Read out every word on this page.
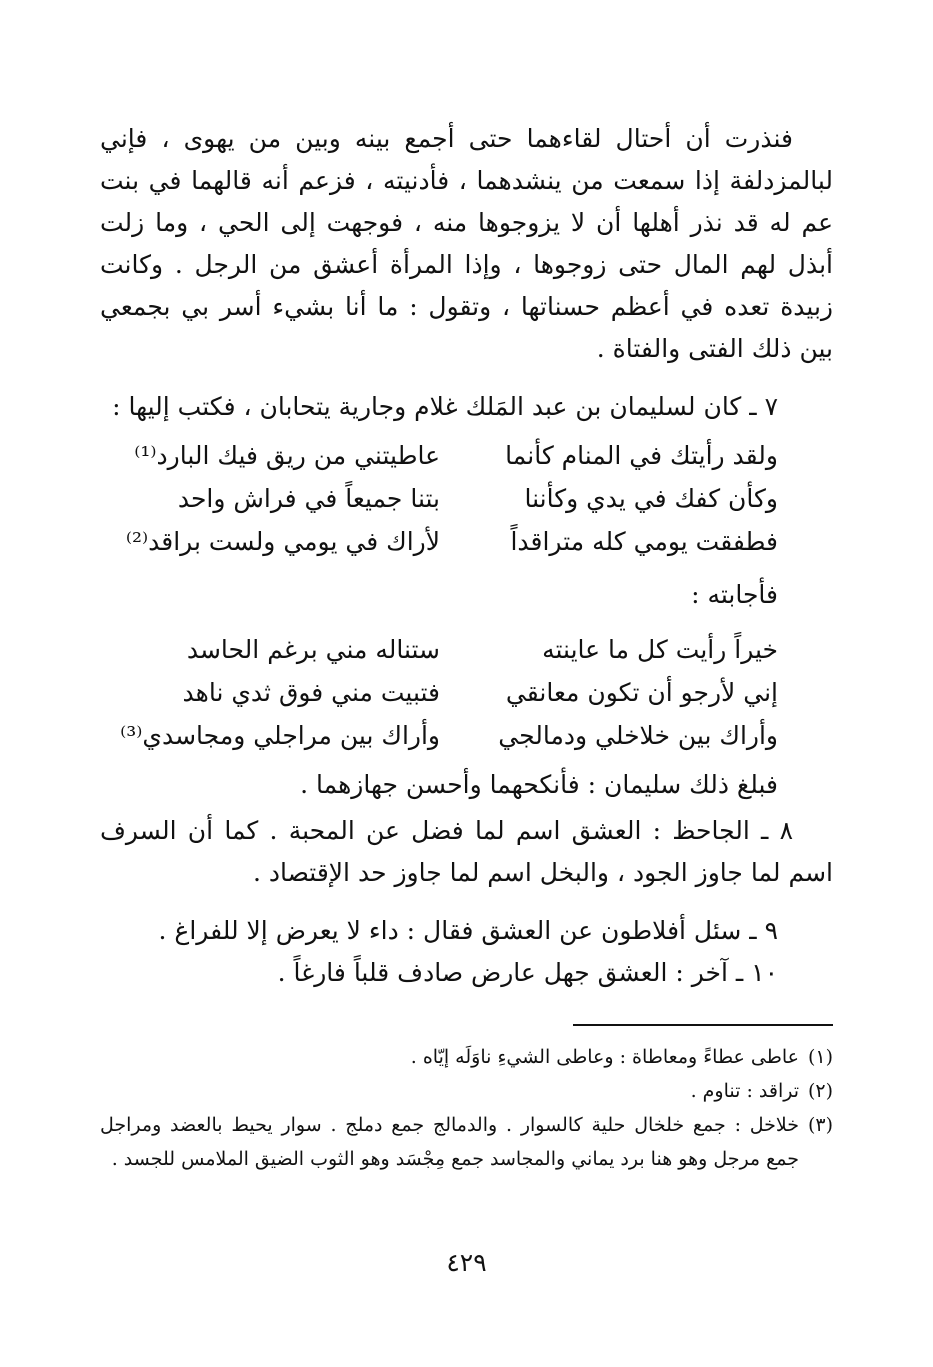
فنذرت أن أحتال لقاءهما حتى أجمع بينه وبين من يهوى ، فإني لبالمزدلفة إذا سمعت من ينشدهما ، فأدنيته ، فزعم أنه قالهما في بنت عم له قد نذر أهلها أن لا يزوجوها منه ، فوجهت إلى الحي ، وما زلت أبذل لهم المال حتى زوجوها ، وإذا المرأة أعشق من الرجل . وكانت زبيدة تعده في أعظم حسناتها ، وتقول : ما أنا بشيء أسر بي بجمعي بين ذلك الفتى والفتاة .
٧ ـ كان لسليمان بن عبد المَلك غلام وجارية يتحابان ، فكتب إليها :
ولقد رأيتك في المنام كأنما
عاطيتني من ريق فيك البارد⁽¹⁾
وكأن كفك في يدي وكأننا
بتنا جميعاً في فراش واحد
فطفقت يومي كله متراقداً
لأراك في يومي ولست براقد⁽²⁾
فأجابته :
خيراً رأيت كل ما عاينته
ستناله مني برغم الحاسد
إني لأرجو أن تكون معانقي
فتبيت مني فوق ثدي ناهد
وأراك بين خلاخلي ودمالجي
وأراك بين مراجلي ومجاسدي⁽³⁾
فبلغ ذلك سليمان : فأنكحهما وأحسن جهازهما .
٨ ـ الجاحظ : العشق اسم لما فضل عن المحبة . كما أن السرف اسم لما جاوز الجود ، والبخل اسم لما جاوز حد الإقتصاد .
٩ ـ سئل أفلاطون عن العشق فقال : داء لا يعرض إلا للفراغ .
١٠ ـ آخر : العشق جهل عارض صادف قلباً فارغاً .
(١)
عاطى عطاءً ومعاطاة : وعاطى الشيءِ ناوَلَه إيّاه .
(٢)
تراقد : تناوم .
(٣)
خلاخل : جمع خلخال حلية كالسوار . والدمالج جمع دملج . سوار يحيط بالعضد ومراجل جمع مرجل وهو هنا برد يماني والمجاسد جمع مِجْسَد وهو الثوب الضيق الملامس للجسد .
٤٢٩
